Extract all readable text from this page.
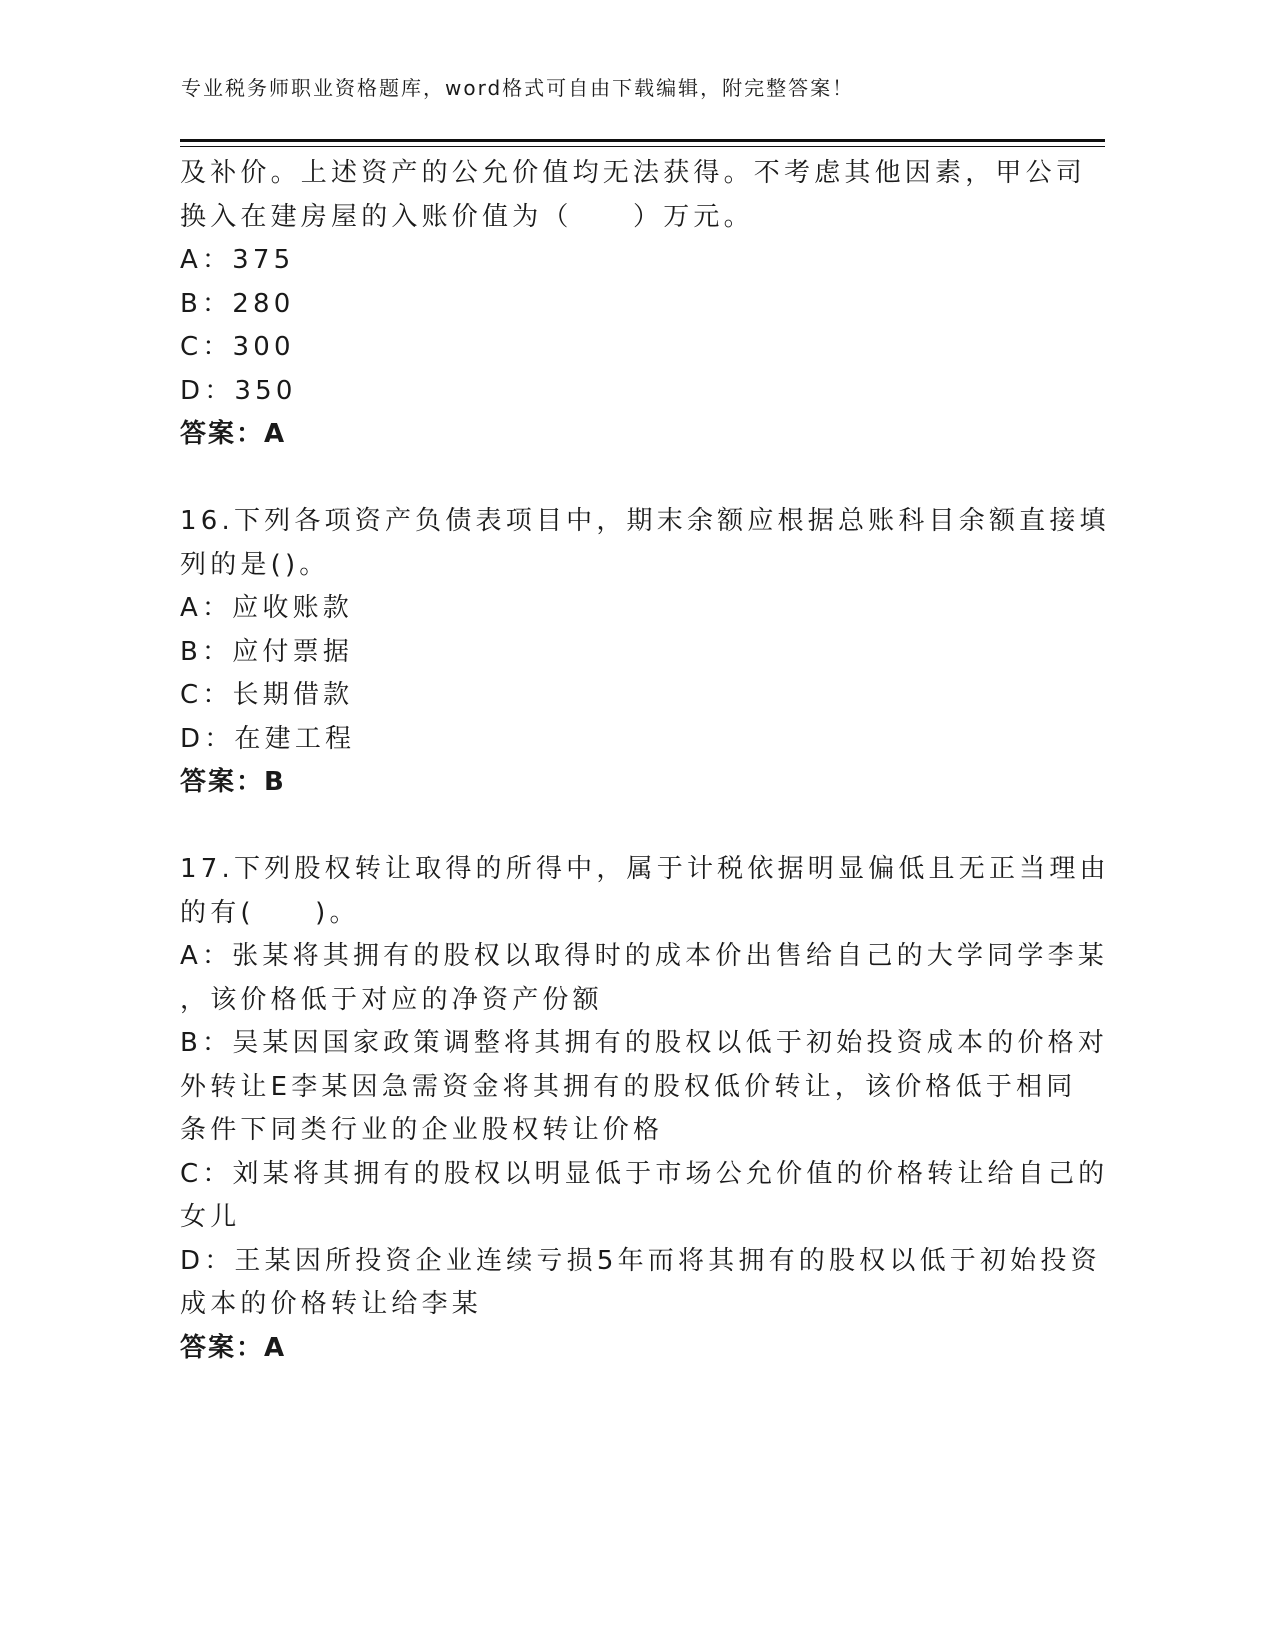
专业税务师职业资格题库，word格式可自由下载编辑，附完整答案！
及补价。上述资产的公允价值均无法获得。不考虑其他因素，甲公司
换入在建房屋的入账价值为（　　）万元。
A：375
B：280
C：300
D：350
答案：A
16.下列各项资产负债表项目中，期末余额应根据总账科目余额直接填
列的是()。
A：应收账款
B：应付票据
C：长期借款
D：在建工程
答案：B
17.下列股权转让取得的所得中，属于计税依据明显偏低且无正当理由
的有(　　)。
A：张某将其拥有的股权以取得时的成本价出售给自己的大学同学李某
，该价格低于对应的净资产份额
B：吴某因国家政策调整将其拥有的股权以低于初始投资成本的价格对
外转让E李某因急需资金将其拥有的股权低价转让，该价格低于相同
条件下同类行业的企业股权转让价格
C：刘某将其拥有的股权以明显低于市场公允价值的价格转让给自己的
女儿
D：王某因所投资企业连续亏损5年而将其拥有的股权以低于初始投资
成本的价格转让给李某
答案：A
